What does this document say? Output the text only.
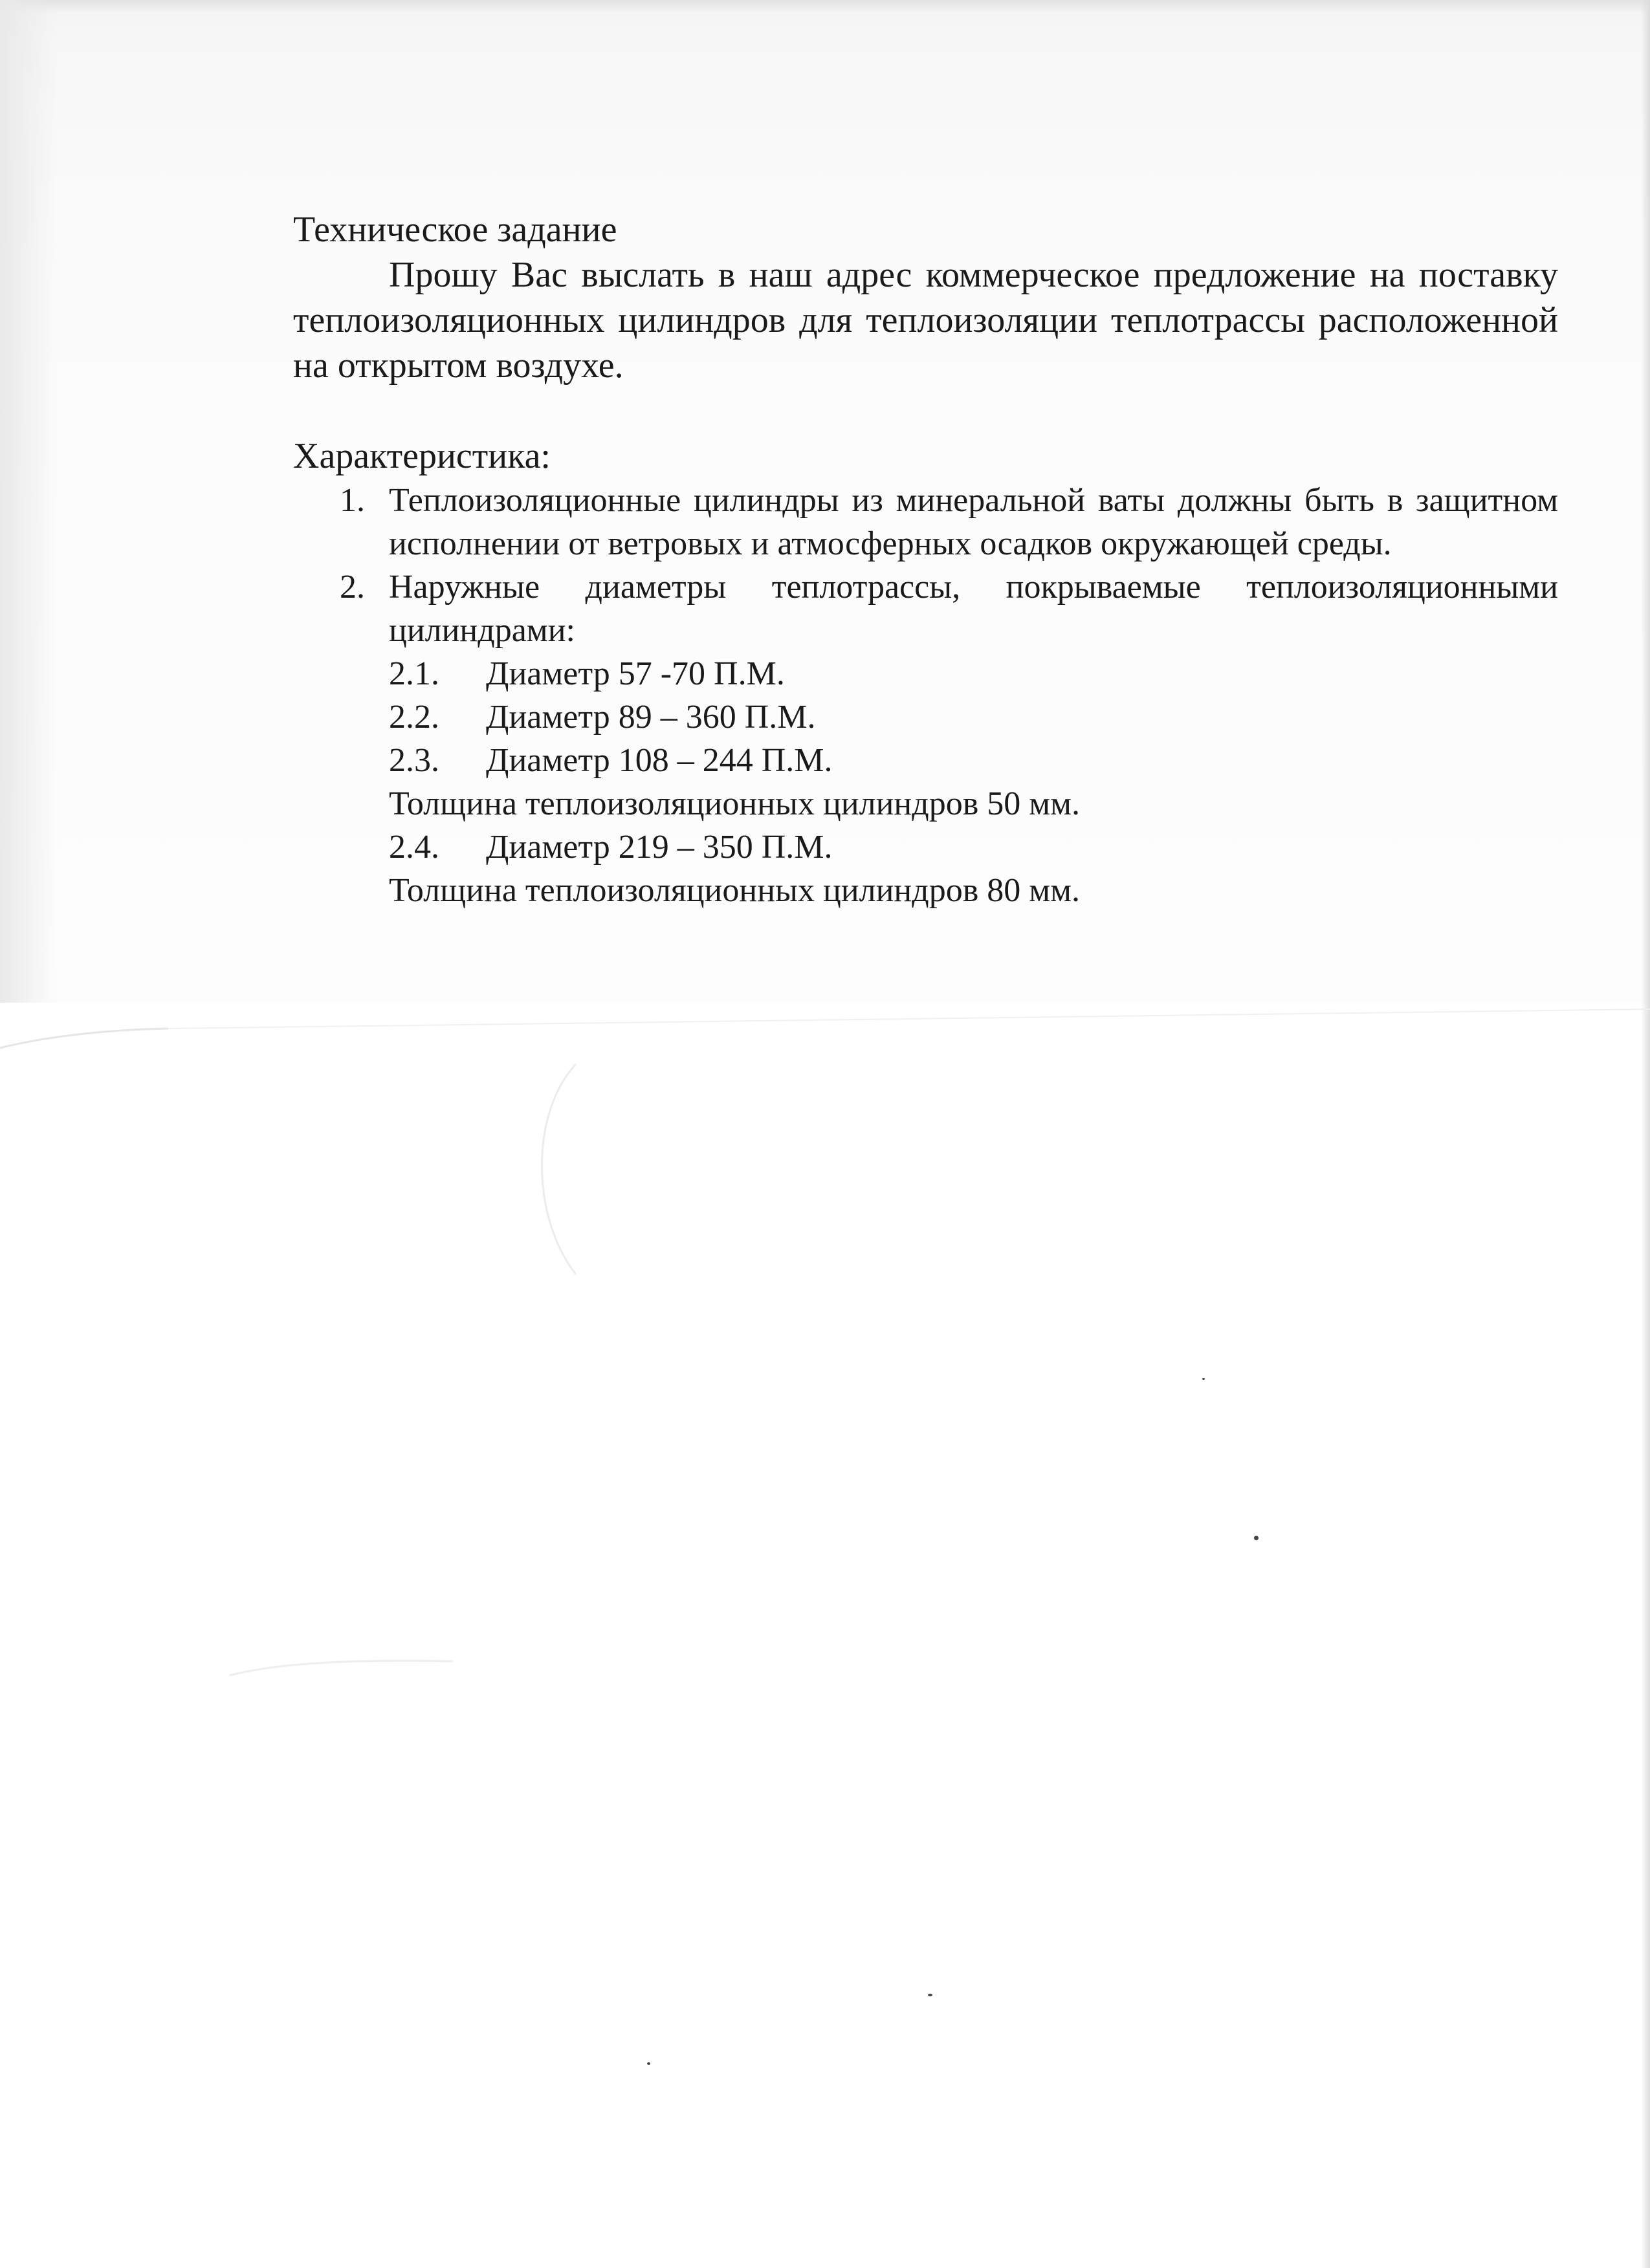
Техническое задание

Прошу Вас выслать в наш адрес коммерческое предложение на поставку теплоизоляционных цилиндров для теплоизоляции теплотрассы расположенной на открытом воздухе.

Характеристика:
1. Теплоизоляционные цилиндры из минеральной ваты должны быть в защитном исполнении от ветровых и атмосферных осадков окружающей среды.
2. Наружные диаметры теплотрассы, покрываемые теплоизоляционными цилиндрами:
2.1. Диаметр 57 -70 П.М.
2.2. Диаметр 89 – 360 П.М.
2.3. Диаметр 108 – 244 П.М.
Толщина теплоизоляционных цилиндров 50 мм.
2.4. Диаметр 219 – 350 П.М.
Толщина теплоизоляционных цилиндров 80 мм.
